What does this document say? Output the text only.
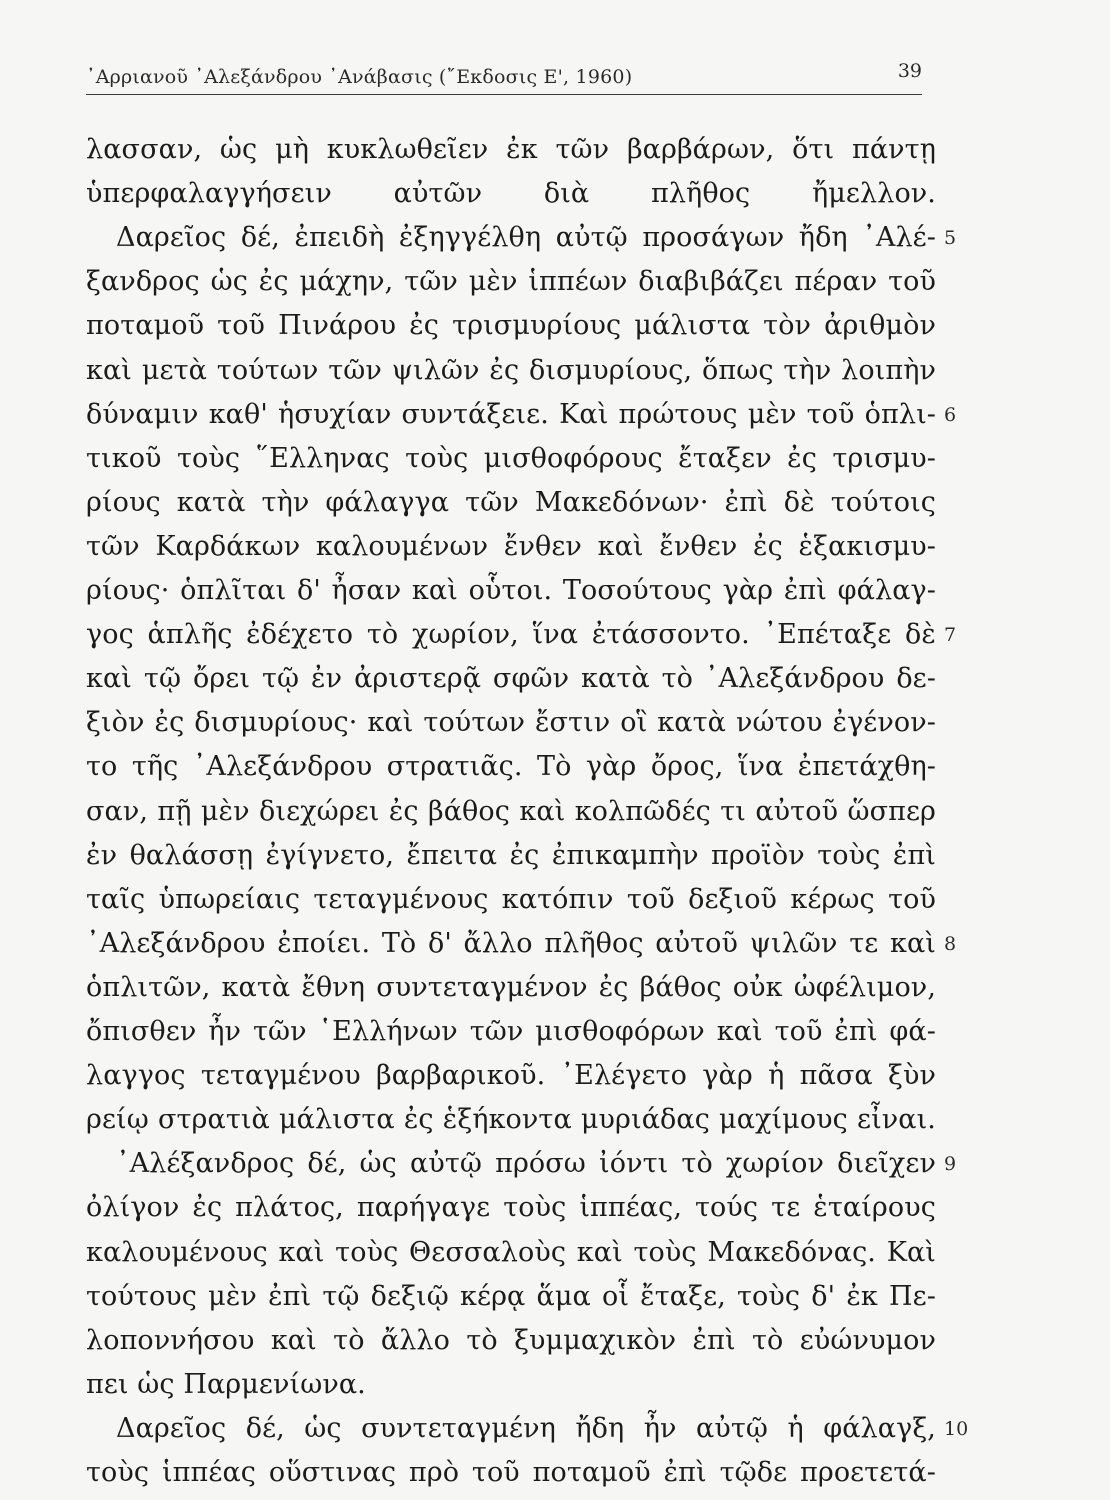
᾿Αρριανοῦ ᾿Αλεξάνδρου ᾿Ανάβασις (῎Εκδοσις Ε', 1960)	39
λασσαν, ὡς μὴ κυκλωθεῖεν ἐκ τῶν βαρβάρων, ὅτι πάντῃ
ὑπερφαλαγγήσειν αὐτῶν διὰ πλῆθος ἤμελλον.
Δαρεῖος δέ, ἐπειδὴ ἐξηγγέλθη αὐτῷ προσάγων ἤδη ᾿Αλέ- 5
ξανδρος ὡς ἐς μάχην, τῶν μὲν ἱππέων διαβιβάζει πέραν τοῦ
ποταμοῦ τοῦ Πινάρου ἐς τρισμυρίους μάλιστα τὸν ἀριθμὸν
καὶ μετὰ τούτων τῶν ψιλῶν ἐς δισμυρίους, ὅπως τὴν λοιπὴν
δύναμιν καθ' ἡσυχίαν συντάξειε. Καὶ πρώτους μὲν τοῦ ὁπλι- 6
τικοῦ τοὺς ῞Ελληνας τοὺς μισθοφόρους ἔταξεν ἐς τρισμυ-
ρίους κατὰ τὴν φάλαγγα τῶν Μακεδόνων· ἐπὶ δὲ τούτοις
τῶν Καρδάκων καλουμένων ἔνθεν καὶ ἔνθεν ἐς ἑξακισμυ-
ρίους· ὁπλῖται δ' ἦσαν καὶ οὗτοι. Τοσούτους γὰρ ἐπὶ φάλαγ-
γος ἁπλῆς ἐδέχετο τὸ χωρίον, ἵνα ἐτάσσοντο. ᾿Επέταξε δὲ 7
καὶ τῷ ὄρει τῷ ἐν ἀριστερᾷ σφῶν κατὰ τὸ ᾿Αλεξάνδρου δε-
ξιὸν ἐς δισμυρίους· καὶ τούτων ἔστιν οἳ κατὰ νώτου ἐγένον-
το τῆς ᾿Αλεξάνδρου στρατιᾶς. Τὸ γὰρ ὄρος, ἵνα ἐπετάχθη-
σαν, πῇ μὲν διεχώρει ἐς βάθος καὶ κολπῶδές τι αὐτοῦ ὥσπερ
ἐν θαλάσσῃ ἐγίγνετο, ἔπειτα ἐς ἐπικαμπὴν προϊὸν τοὺς ἐπὶ
ταῖς ὑπωρείαις τεταγμένους κατόπιν τοῦ δεξιοῦ κέρως τοῦ
᾿Αλεξάνδρου ἐποίει. Τὸ δ' ἄλλο πλῆθος αὐτοῦ ψιλῶν τε καὶ 8
ὁπλιτῶν, κατὰ ἔθνη συντεταγμένον ἐς βάθος οὐκ ὠφέλιμον,
ὄπισθεν ἦν τῶν ῾Ελλήνων τῶν μισθοφόρων καὶ τοῦ ἐπὶ φά-
λαγγος τεταγμένου βαρβαρικοῦ. ᾿Ελέγετο γὰρ ἡ πᾶσα ξὺν
ρείῳ στρατιὰ μάλιστα ἐς ἑξήκοντα μυριάδας μαχίμους εἶναι.
᾿Αλέξανδρος δέ, ὡς αὐτῷ πρόσω ἰόντι τὸ χωρίον διεῖχεν 9
ὀλίγον ἐς πλάτος, παρήγαγε τοὺς ἱππέας, τούς τε ἑταίρους
καλουμένους καὶ τοὺς Θεσσαλοὺς καὶ τοὺς Μακεδόνας. Καὶ
τούτους μὲν ἐπὶ τῷ δεξιῷ κέρᾳ ἅμα οἷ ἔταξε, τοὺς δ' ἐκ Πε-
λοποννήσου καὶ τὸ ἄλλο τὸ ξυμμαχικὸν ἐπὶ τὸ εὐώνυμον
πει ὡς Παρμενίωνα.
Δαρεῖος δέ, ὡς συντεταγμένη ἤδη ἦν αὐτῷ ἡ φάλαγξ, 10
τοὺς ἱππέας οὕστινας πρὸ τοῦ ποταμοῦ ἐπὶ τῷδε προετετά-
